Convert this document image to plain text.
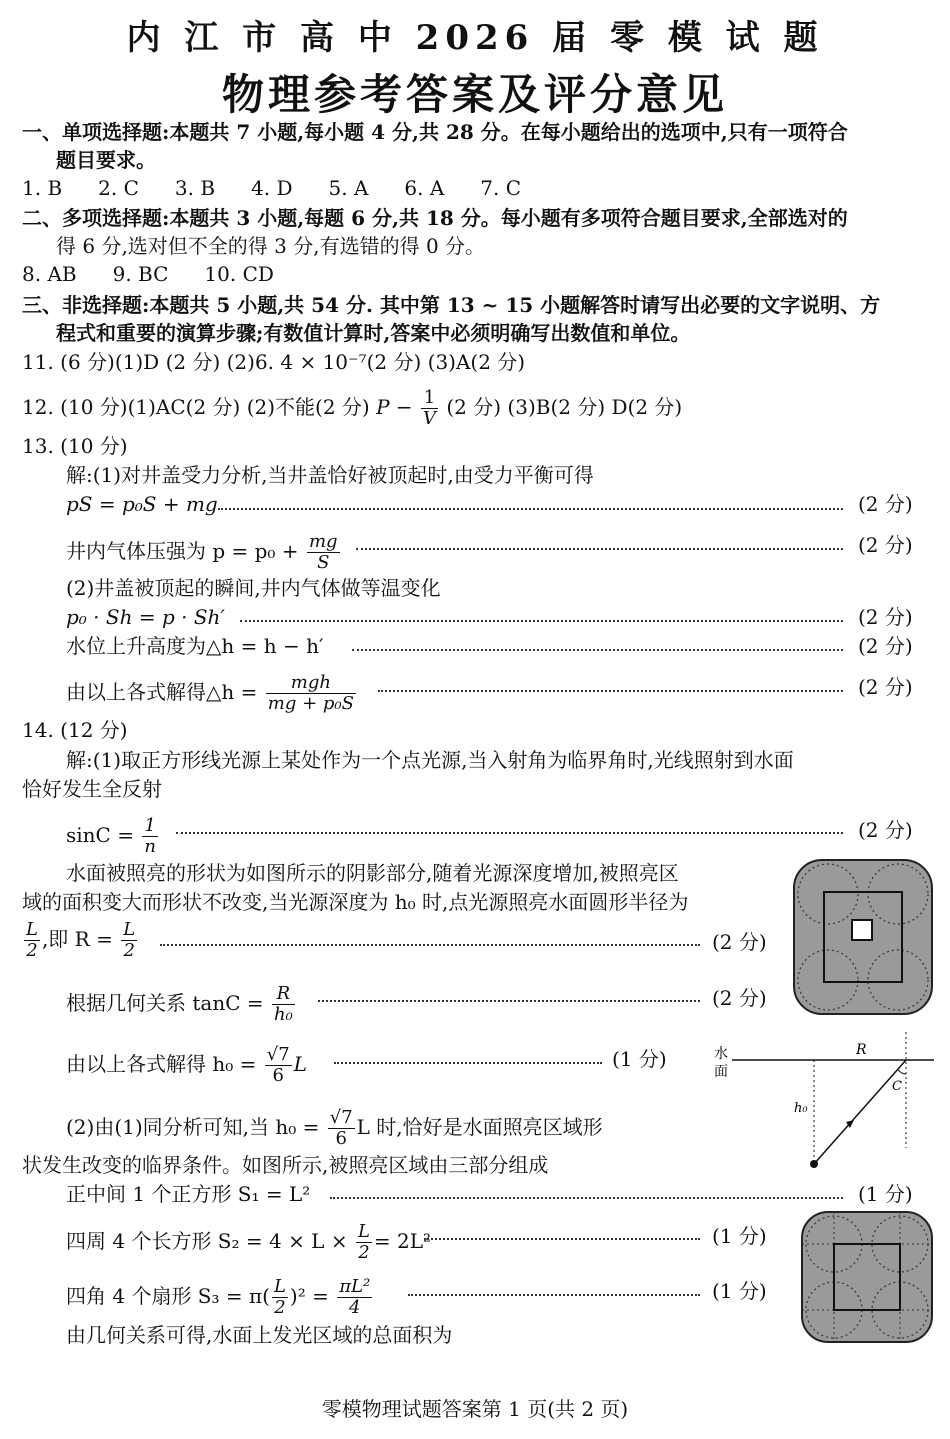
内 江 市 高 中 2026 届 零 模 试 题
物理参考答案及评分意见
一、单项选择题:本题共 7 小题,每小题 4 分,共 28 分。在每小题给出的选项中,只有一项符合
题目要求。
1. B 2. C 3. B 4. D 5. A 6. A 7. C
二、多项选择题:本题共 3 小题,每题 6 分,共 18 分。每小题有多项符合题目要求,全部选对的
得 6 分,选对但不全的得 3 分,有选错的得 0 分。
8. AB 9. BC 10. CD
三、非选择题:本题共 5 小题,共 54 分. 其中第 13 ~ 15 小题解答时请写出必要的文字说明、方
程式和重要的演算步骤;有数值计算时,答案中必须明确写出数值和单位。
11. (6 分)(1)D (2 分) (2)6. 4 × 10⁻⁷(2 分) (3)A(2 分)
12. (10 分)(1)AC(2 分) (2)不能(2 分) $P - \frac{1}{V} (2$ 分) (3)B(2 分) D(2 分)
13. (10 分)
解:(1)对井盖受力分析,当井盖恰好被顶起时,由受力平衡可得
pS = p₀S + mg	(2 分)
井内气体压强为 $p = p_0 + \frac{mg}{S}$	(2 分)
(2)井盖被顶起的瞬间,井内气体做等温变化
p₀ · Sh = p · Sh′	(2 分)
水位上升高度为△h = h − h′	(2 分)
由以上各式解得△h = $\frac{\text{mgh}}{\text{mg + p₀S}}$	(2 分)
14. (12 分)
解:(1)取正方形线光源上某处作为一个点光源,当入射角为临界角时,光线照射到水面
恰好发生全反射
$\sin C = \frac{1}{n}$	(2 分)
水面被照亮的形状为如图所示的阴影部分,随着光源深度增加,被照亮区
域的面积变大而形状不改变,当光源深度为 h₀ 时,点光源照亮水面圆形半径为
$\frac{L}{2}$ ,即 $R = \frac{L}{2}$	(2 分)
根据几何关系 $\tan C = \frac{R}{\text{h₀}}$	(2 分)
由以上各式解得 $h_0 = \frac{√7}{6}$ L	(1 分)
(2)由(1)同分析可知,当 $h_0 = \frac{√7}{6}$ L 时,恰好是水面照亮区域形
状发生改变的临界条件。如图所示,被照亮区域由三部分组成
正中间 1 个正方形 S₁ = L²	(1 分)
四周 4 个长方形 $S_2 = 4 \times L \times \frac{L}{2} = 2L^2$	(1 分)
四角 4 个扇形 $S_3 = \pi( \frac{L}{2} )^2 = \frac{\text{πL²}}{4}$	(1 分)
由几何关系可得,水面上发光区域的总面积为
水
面
R
C
h₀
零模物理试题答案第 1 页(共 2 页)
